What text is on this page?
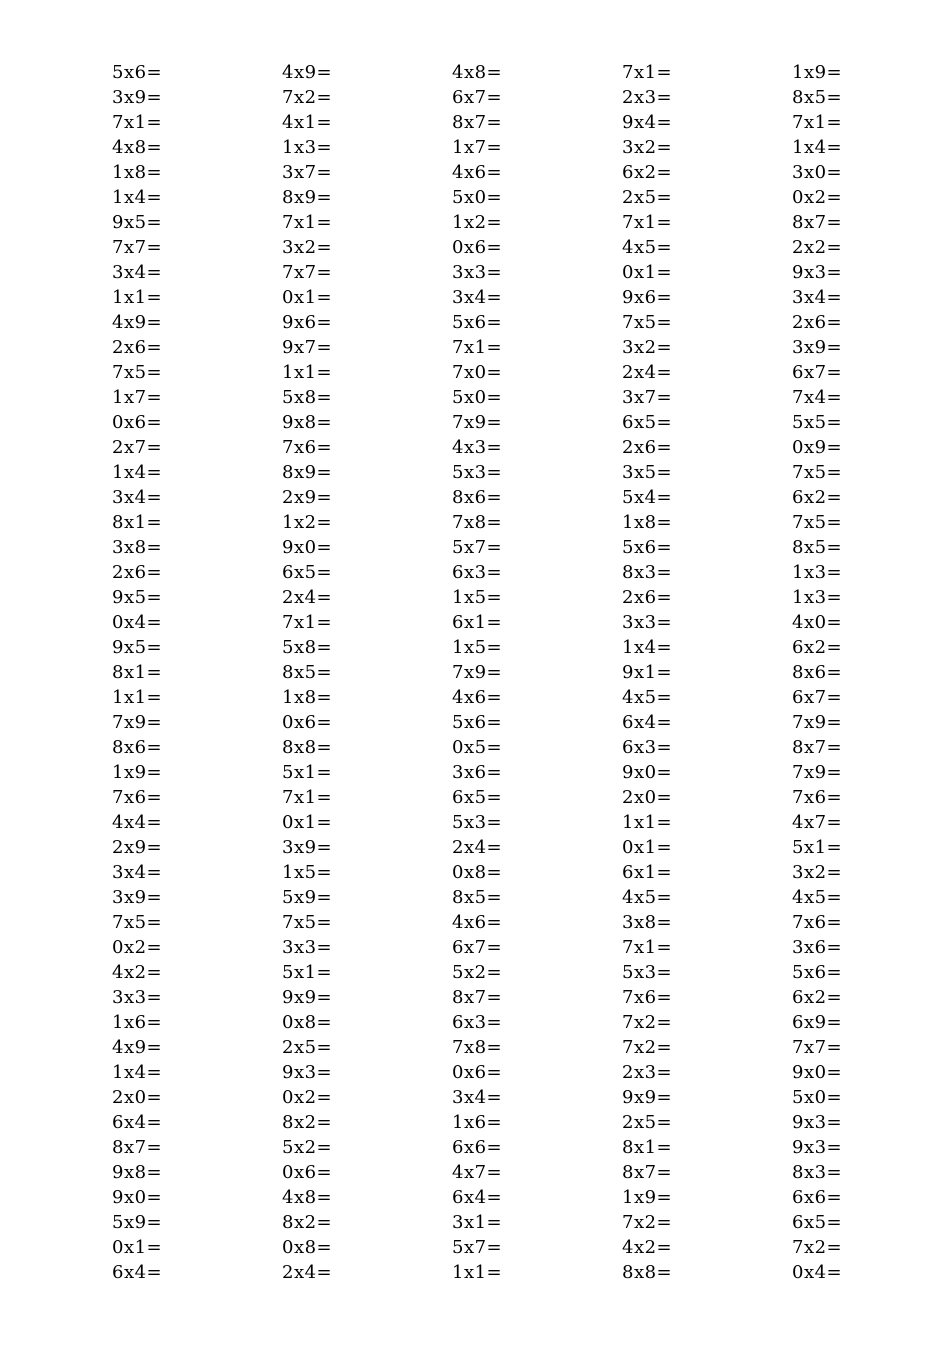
5x6=	4x9=	4x8=	7x1=	1x9=
3x9=	7x2=	6x7=	2x3=	8x5=
7x1=	4x1=	8x7=	9x4=	7x1=
4x8=	1x3=	1x7=	3x2=	1x4=
1x8=	3x7=	4x6=	6x2=	3x0=
1x4=	8x9=	5x0=	2x5=	0x2=
9x5=	7x1=	1x2=	7x1=	8x7=
7x7=	3x2=	0x6=	4x5=	2x2=
3x4=	7x7=	3x3=	0x1=	9x3=
1x1=	0x1=	3x4=	9x6=	3x4=
4x9=	9x6=	5x6=	7x5=	2x6=
2x6=	9x7=	7x1=	3x2=	3x9=
7x5=	1x1=	7x0=	2x4=	6x7=
1x7=	5x8=	5x0=	3x7=	7x4=
0x6=	9x8=	7x9=	6x5=	5x5=
2x7=	7x6=	4x3=	2x6=	0x9=
1x4=	8x9=	5x3=	3x5=	7x5=
3x4=	2x9=	8x6=	5x4=	6x2=
8x1=	1x2=	7x8=	1x8=	7x5=
3x8=	9x0=	5x7=	5x6=	8x5=
2x6=	6x5=	6x3=	8x3=	1x3=
9x5=	2x4=	1x5=	2x6=	1x3=
0x4=	7x1=	6x1=	3x3=	4x0=
9x5=	5x8=	1x5=	1x4=	6x2=
8x1=	8x5=	7x9=	9x1=	8x6=
1x1=	1x8=	4x6=	4x5=	6x7=
7x9=	0x6=	5x6=	6x4=	7x9=
8x6=	8x8=	0x5=	6x3=	8x7=
1x9=	5x1=	3x6=	9x0=	7x9=
7x6=	7x1=	6x5=	2x0=	7x6=
4x4=	0x1=	5x3=	1x1=	4x7=
2x9=	3x9=	2x4=	0x1=	5x1=
3x4=	1x5=	0x8=	6x1=	3x2=
3x9=	5x9=	8x5=	4x5=	4x5=
7x5=	7x5=	4x6=	3x8=	7x6=
0x2=	3x3=	6x7=	7x1=	3x6=
4x2=	5x1=	5x2=	5x3=	5x6=
3x3=	9x9=	8x7=	7x6=	6x2=
1x6=	0x8=	6x3=	7x2=	6x9=
4x9=	2x5=	7x8=	7x2=	7x7=
1x4=	9x3=	0x6=	2x3=	9x0=
2x0=	0x2=	3x4=	9x9=	5x0=
6x4=	8x2=	1x6=	2x5=	9x3=
8x7=	5x2=	6x6=	8x1=	9x3=
9x8=	0x6=	4x7=	8x7=	8x3=
9x0=	4x8=	6x4=	1x9=	6x6=
5x9=	8x2=	3x1=	7x2=	6x5=
0x1=	0x8=	5x7=	4x2=	7x2=
6x4=	2x4=	1x1=	8x8=	0x4=
